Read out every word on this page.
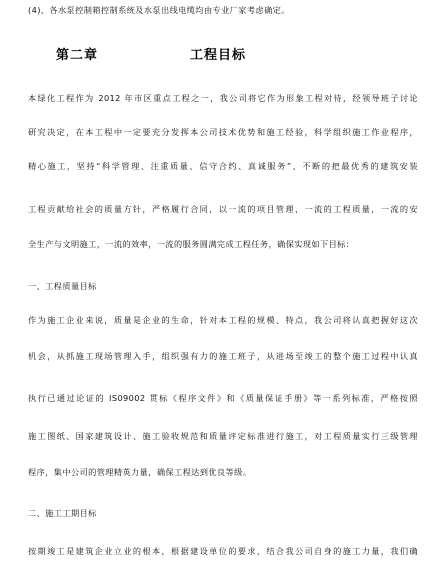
(4)、各水泵控制箱控制系统及水泵出线电缆均由专业厂家考虑确定。
第二章	工程目标
本绿化工程作为 2012 年市区重点工程之一，我公司将它作为形象工程对待，经领导班子讨论
研究决定，在本工程中一定要充分发挥本公司技术优势和施工经验，科学组织施工作业程序，
精心施工，坚持“科学管理、注重质量、信守合约、真诚服务”、不断的把最优秀的建筑安装
工程贡献给社会的质量方针，严格履行合同，以一流的项目管理，一流的工程质量，一流的安
全生产与文明施工，一流的效率，一流的服务圆满完成工程任务，确保实现如下目标：
一、工程质量目标
作为施工企业来说，质量是企业的生命，针对本工程的规模、特点，我公司将认真把握好这次
机会，从抓施工现场管理入手，组织强有力的施工班子，从进场至竣工的整个施工过程中认真
执行已通过论证的 IS09002 贯标《程序文件》和《质量保证手册》等一系列标准，严格按照
施工图纸、国家建筑设计、施工验收规范和质量评定标准进行施工，对工程质量实行三级管理
程序，集中公司的管理精英力量，确保工程达到优良等级。
二、施工工期目标
按期竣工是建筑企业立业的根本，根据建设单位的要求，结合我公司自身的施工力量，我们确
